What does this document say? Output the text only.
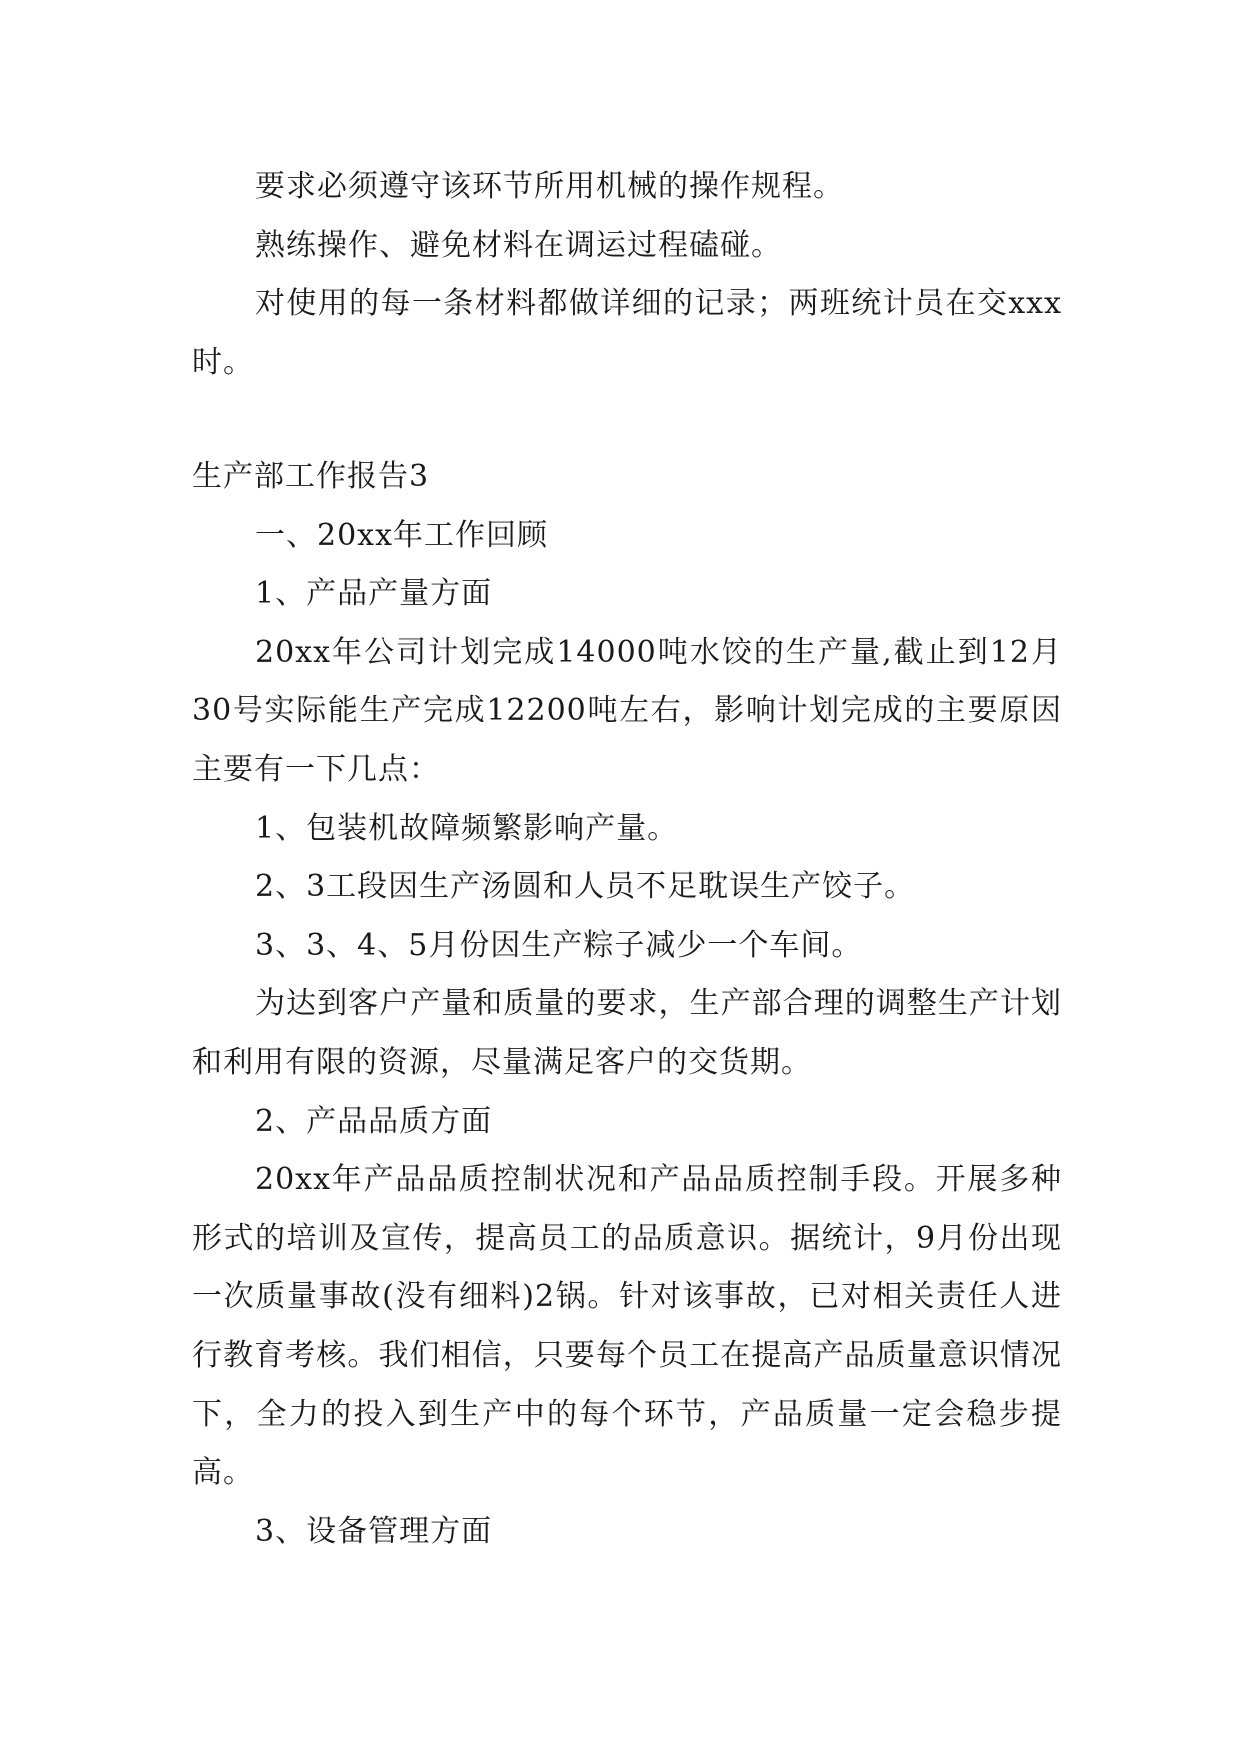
要求必须遵守该环节所用机械的操作规程。

熟练操作、避免材料在调运过程磕碰。

对使用的每一条材料都做详细的记录；两班统计员在交xxx时。

生产部工作报告3

一、20xx年工作回顾

1、产品产量方面

20xx年公司计划完成14000吨水饺的生产量,截止到12月30号实际能生产完成12200吨左右，影响计划完成的主要原因主要有一下几点：

1、包装机故障频繁影响产量。

2、3工段因生产汤圆和人员不足耽误生产饺子。

3、3、4、5月份因生产粽子减少一个车间。

为达到客户产量和质量的要求，生产部合理的调整生产计划和利用有限的资源，尽量满足客户的交货期。

2、产品品质方面

20xx年产品品质控制状况和产品品质控制手段。开展多种形式的培训及宣传，提高员工的品质意识。据统计，9月份出现一次质量事故(没有细料)2锅。针对该事故，已对相关责任人进行教育考核。我们相信，只要每个员工在提高产品质量意识情况下，全力的投入到生产中的每个环节，产品质量一定会稳步提高。

3、设备管理方面
